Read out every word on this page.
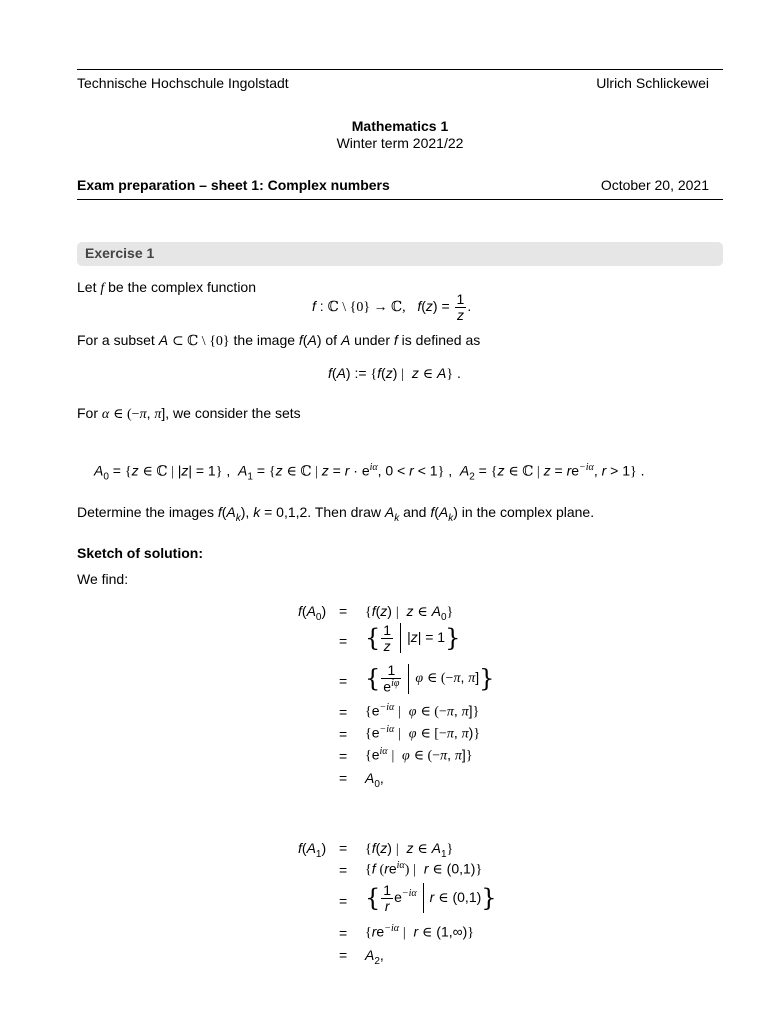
Technische Hochschule Ingolstadt	Ulrich Schlickewei
Mathematics 1
Winter term 2021/22
Exam preparation – sheet 1: Complex numbers	October 20, 2021
Exercise 1
Let f be the complex function
f : ℂ \ {0} → ℂ, $f(z) = \frac{1}{z}$ .
For a subset A ⊂ ℂ \ {0} the image f(A) of A under f is defined as
f(A) := {f(z) | z ∈ A} .
For α ∈ (−π, π], we consider the sets
$A_0 = \{z$ ∈ ℂ | |z| = 1} ,  $A_1 = \{z$ ∈ ℂ | $z = r \cdot e^{i\alpha}$, 0 < r < 1} ,  $A_2 = \{z$ ∈ ℂ | $z = re^{-i\alpha}$, r > 1} .
Determine the images $f(A_k)$, k = 0,1,2. Then draw $A_k$ and $f(A_k)$ in the complex plane.
Sketch of solution:
We find:
$f(A_0) = \{f(z)$ | z ∈ $A_0$}
= { $\frac{1}{z} |z| = 1$}
= { $\frac{1}{e^{i\varphi}}$ φ ∈ (−π, π]}
= {$e^{-i\alpha}$ | φ ∈ (−π, π]}
= {$e^{-i\alpha}$ | φ ∈ [−π, π)}
= {$e^{i\alpha}$ | φ ∈ (−π, π]}
= $A_0$,
$f(A_1) = \{f(z)$ | z ∈ $A_1$}
= {f $(re^{i\alpha})$ | r ∈ (0,1)}
= { $\frac{1}{r} e^{-i\alpha}$ r ∈ (0,1)}
= {$re^{-i\alpha}$ | r ∈ (1,∞)}
= $A_2$,
